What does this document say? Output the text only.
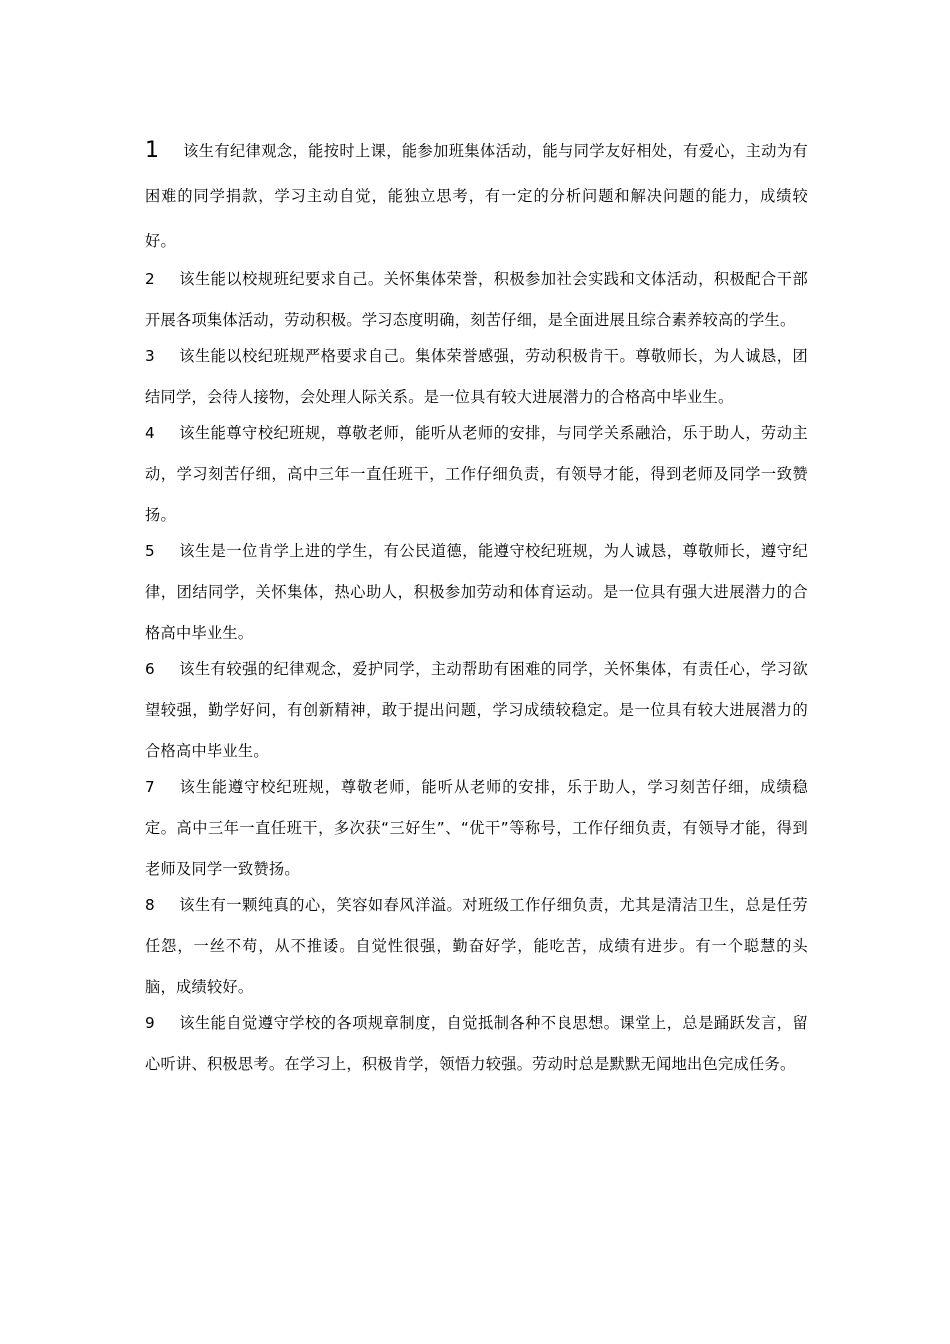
1 该生有纪律观念，能按时上课，能参加班集体活动，能与同学友好相处，有爱心，主动为有困难的同学捐款，学习主动自觉，能独立思考，有一定的分析问题和解决问题的能力，成绩较好。

2 该生能以校规班纪要求自己。关怀集体荣誉，积极参加社会实践和文体活动，积极配合干部开展各项集体活动，劳动积极。学习态度明确，刻苦仔细，是全面进展且综合素养较高的学生。

3 该生能以校纪班规严格要求自己。集体荣誉感强，劳动积极肯干。尊敬师长，为人诚恳，团结同学，会待人接物，会处理人际关系。是一位具有较大进展潜力的合格高中毕业生。

4 该生能尊守校纪班规，尊敬老师，能听从老师的安排，与同学关系融洽，乐于助人，劳动主动，学习刻苦仔细，高中三年一直任班干，工作仔细负责，有领导才能，得到老师及同学一致赞扬。

5 该生是一位肯学上进的学生，有公民道德，能遵守校纪班规，为人诚恳，尊敬师长，遵守纪律，团结同学，关怀集体，热心助人，积极参加劳动和体育运动。是一位具有强大进展潜力的合格高中毕业生。

6 该生有较强的纪律观念，爱护同学，主动帮助有困难的同学，关怀集体，有责任心，学习欲望较强，勤学好问，有创新精神，敢于提出问题，学习成绩较稳定。是一位具有较大进展潜力的合格高中毕业生。

7 该生能遵守校纪班规，尊敬老师，能听从老师的安排，乐于助人，学习刻苦仔细，成绩稳定。高中三年一直任班干，多次获“三好生”、“优干”等称号，工作仔细负责，有领导才能，得到老师及同学一致赞扬。

8 该生有一颗纯真的心，笑容如春风洋溢。对班级工作仔细负责，尤其是清洁卫生，总是任劳任怨，一丝不苟，从不推诿。自觉性很强，勤奋好学，能吃苦，成绩有进步。有一个聪慧的头脑，成绩较好。

9 该生能自觉遵守学校的各项规章制度，自觉抵制各种不良思想。课堂上，总是踊跃发言，留心听讲、积极思考。在学习上，积极肯学，领悟力较强。劳动时总是默默无闻地出色完成任务。
